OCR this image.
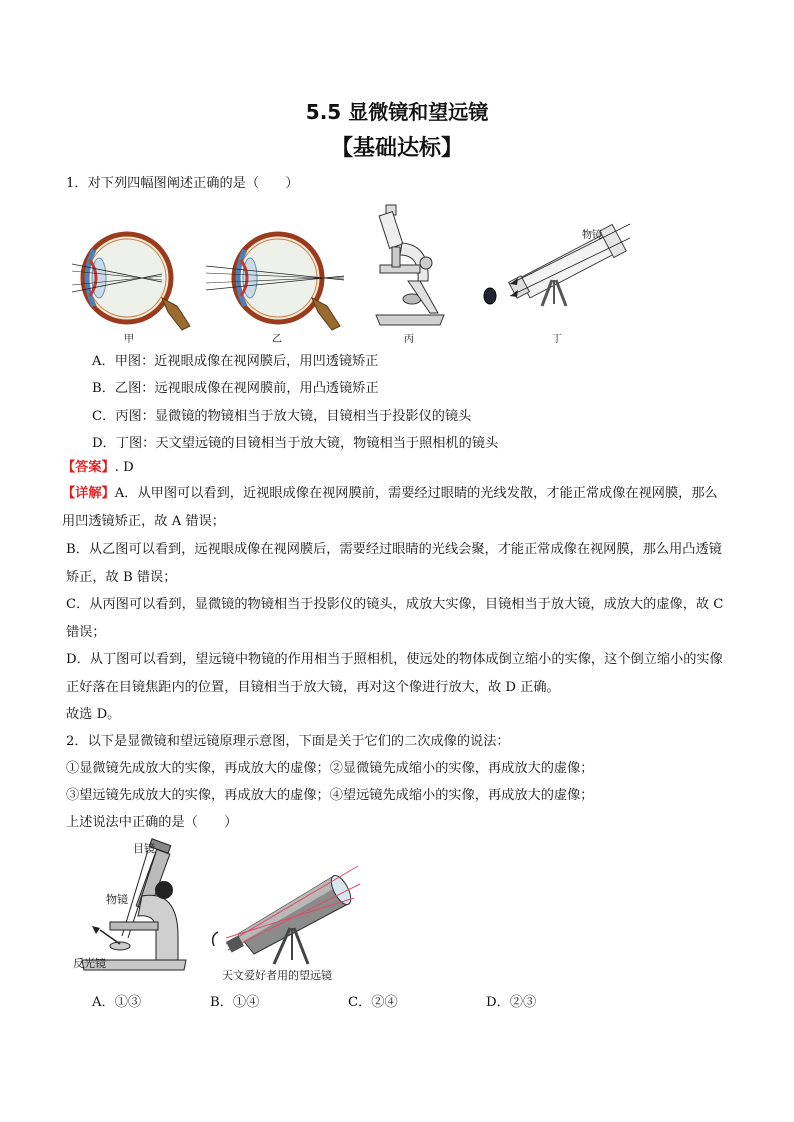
5.5 显微镜和望远镜
【基础达标】
1．对下列四幅图阐述正确的是（　　）
甲	乙	丙
物镜
丁
A．甲图：近视眼成像在视网膜后，用凹透镜矫正
B．乙图：远视眼成像在视网膜前，用凸透镜矫正
C．丙图：显微镜的物镜相当于放大镜，目镜相当于投影仪的镜头
D．丁图：天文望远镜的目镜相当于放大镜，物镜相当于照相机的镜头
【答案】. D
【详解】A．从甲图可以看到，近视眼成像在视网膜前，需要经过眼睛的光线发散，才能正常成像在视网膜，那么用凹透镜矫正，故 A 错误；
B．从乙图可以看到，远视眼成像在视网膜后，需要经过眼睛的光线会聚，才能正常成像在视网膜，那么用凸透镜矫正，故 B 错误；
C．从丙图可以看到，显微镜的物镜相当于投影仪的镜头，成放大实像，目镜相当于放大镜，成放大的虚像，故 C 错误；
D．从丁图可以看到，望远镜中物镜的作用相当于照相机，使远处的物体成倒立缩小的实像，这个倒立缩小的实像正好落在目镜焦距内的位置，目镜相当于放大镜，再对这个像进行放大，故 D 正确。
故选 D。
2．以下是显微镜和望远镜原理示意图，下面是关于它们的二次成像的说法：
①显微镜先成放大的实像，再成放大的虚像；②显微镜先成缩小的实像，再成放大的虚像；
③望远镜先成放大的实像，再成放大的虚像；④望远镜先成缩小的实像，再成放大的虚像；
上述说法中正确的是（　　）
目镜
物镜
反光镜
天文爱好者用的望远镜
A．①③	B．①④	C．②④	D．②③
